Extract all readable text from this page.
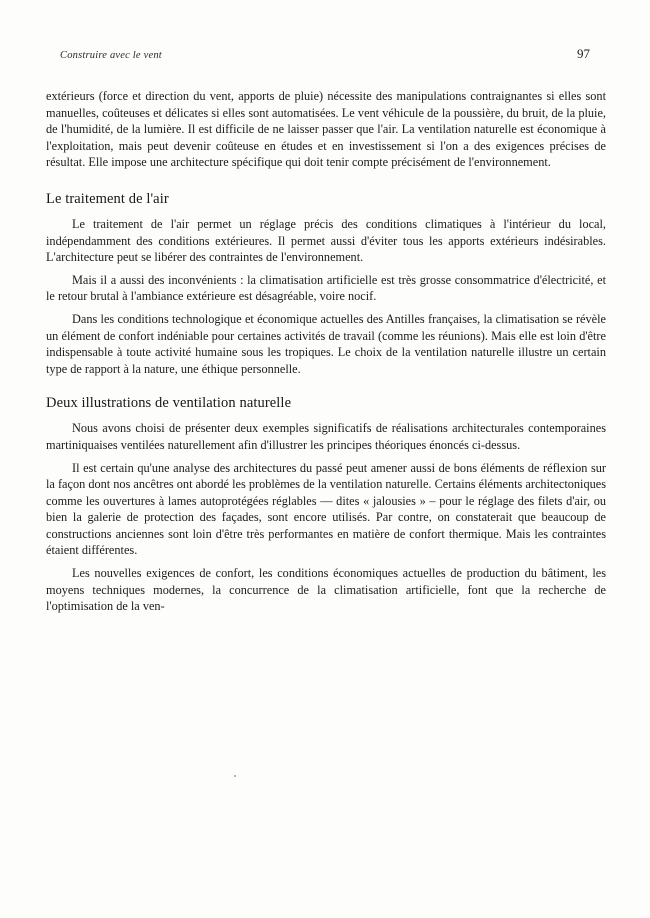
Construire avec le vent	97

extérieurs (force et direction du vent, apports de pluie) nécessite des manipulations contraignantes si elles sont manuelles, coûteuses et délicates si elles sont automatisées. Le vent véhicule de la poussière, du bruit, de la pluie, de l'humidité, de la lumière. Il est difficile de ne laisser passer que l'air. La ventilation naturelle est économique à l'exploitation, mais peut devenir coûteuse en études et en investissement si l'on a des exigences précises de résultat. Elle impose une architecture spécifique qui doit tenir compte précisément de l'environnement.

Le traitement de l'air

Le traitement de l'air permet un réglage précis des conditions climatiques à l'intérieur du local, indépendamment des conditions extérieures. Il permet aussi d'éviter tous les apports extérieurs indésirables. L'architecture peut se libérer des contraintes de l'environnement.

Mais il a aussi des inconvénients : la climatisation artificielle est très grosse consommatrice d'électricité, et le retour brutal à l'ambiance extérieure est désagréable, voire nocif.

Dans les conditions technologique et économique actuelles des Antilles françaises, la climatisation se révèle un élément de confort indéniable pour certaines activités de travail (comme les réunions). Mais elle est loin d'être indispensable à toute activité humaine sous les tropiques. Le choix de la ventilation naturelle illustre un certain type de rapport à la nature, une éthique personnelle.

Deux illustrations de ventilation naturelle

Nous avons choisi de présenter deux exemples significatifs de réalisations architecturales contemporaines martiniquaises ventilées naturellement afin d'illustrer les principes théoriques énoncés ci-dessus.

Il est certain qu'une analyse des architectures du passé peut amener aussi de bons éléments de réflexion sur la façon dont nos ancêtres ont abordé les problèmes de la ventilation naturelle. Certains éléments architectoniques comme les ouvertures à lames autoprotégées réglables — dites « jalousies » – pour le réglage des filets d'air, ou bien la galerie de protection des façades, sont encore utilisés. Par contre, on constaterait que beaucoup de constructions anciennes sont loin d'être très performantes en matière de confort thermique. Mais les contraintes étaient différentes.

Les nouvelles exigences de confort, les conditions économiques actuelles de production du bâtiment, les moyens techniques modernes, la concurrence de la climatisation artificielle, font que la recherche de l'optimisation de la ven-
